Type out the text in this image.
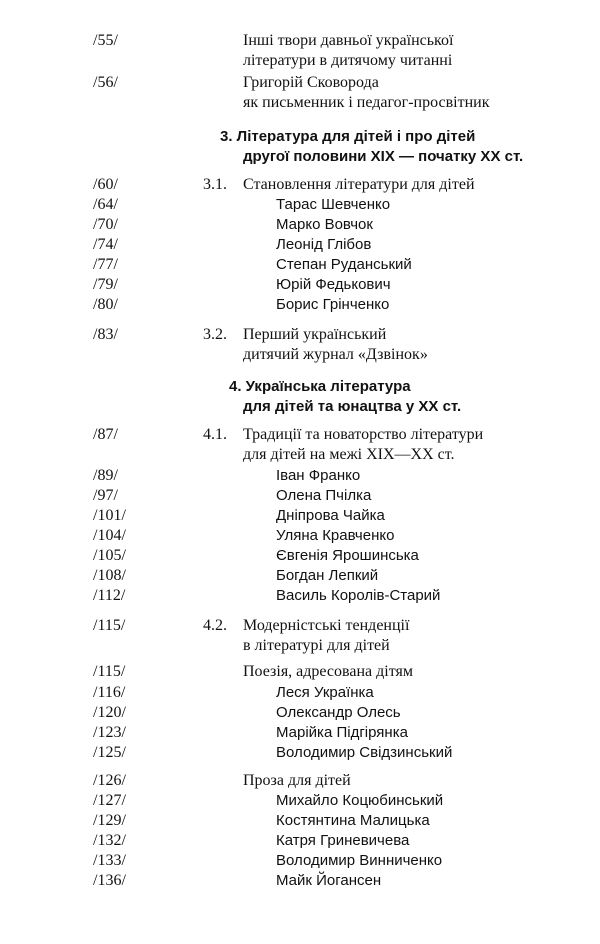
/55/	Інші твори давньої української
літератури в дитячому читанні
/56/	Григорій Сковорода
як письменник і педагог-просвітник
3. Література для дітей і про дітей
другої половини XIX — початку XX ст.
/60/	3.1. Становлення літератури для дітей
/64/	Тарас Шевченко
/70/	Марко Вовчок
/74/	Леонід Глібов
/77/	Степан Руданський
/79/	Юрій Федькович
/80/	Борис Грінченко
/83/	3.2. Перший український
дитячий журнал «Дзвінок»
4. Українська література
для дітей та юнацтва у XX ст.
/87/	4.1. Традиції та новаторство літератури
для дітей на межі XIX—XX ст.
/89/	Іван Франко
/97/	Олена Пчілка
/101/	Дніпрова Чайка
/104/	Уляна Кравченко
/105/	Євгенія Ярошинська
/108/	Богдан Лепкий
/112/	Василь Королів-Старий
/115/	4.2. Модерністські тенденції
в літературі для дітей
/115/	Поезія, адресована дітям
/116/	Леся Українка
/120/	Олександр Олесь
/123/	Марійка Підгірянка
/125/	Володимир Свідзинський
/126/	Проза для дітей
/127/	Михайло Коцюбинський
/129/	Костянтина Малицька
/132/	Катря Гриневичева
/133/	Володимир Винниченко
/136/	Майк Йогансен
